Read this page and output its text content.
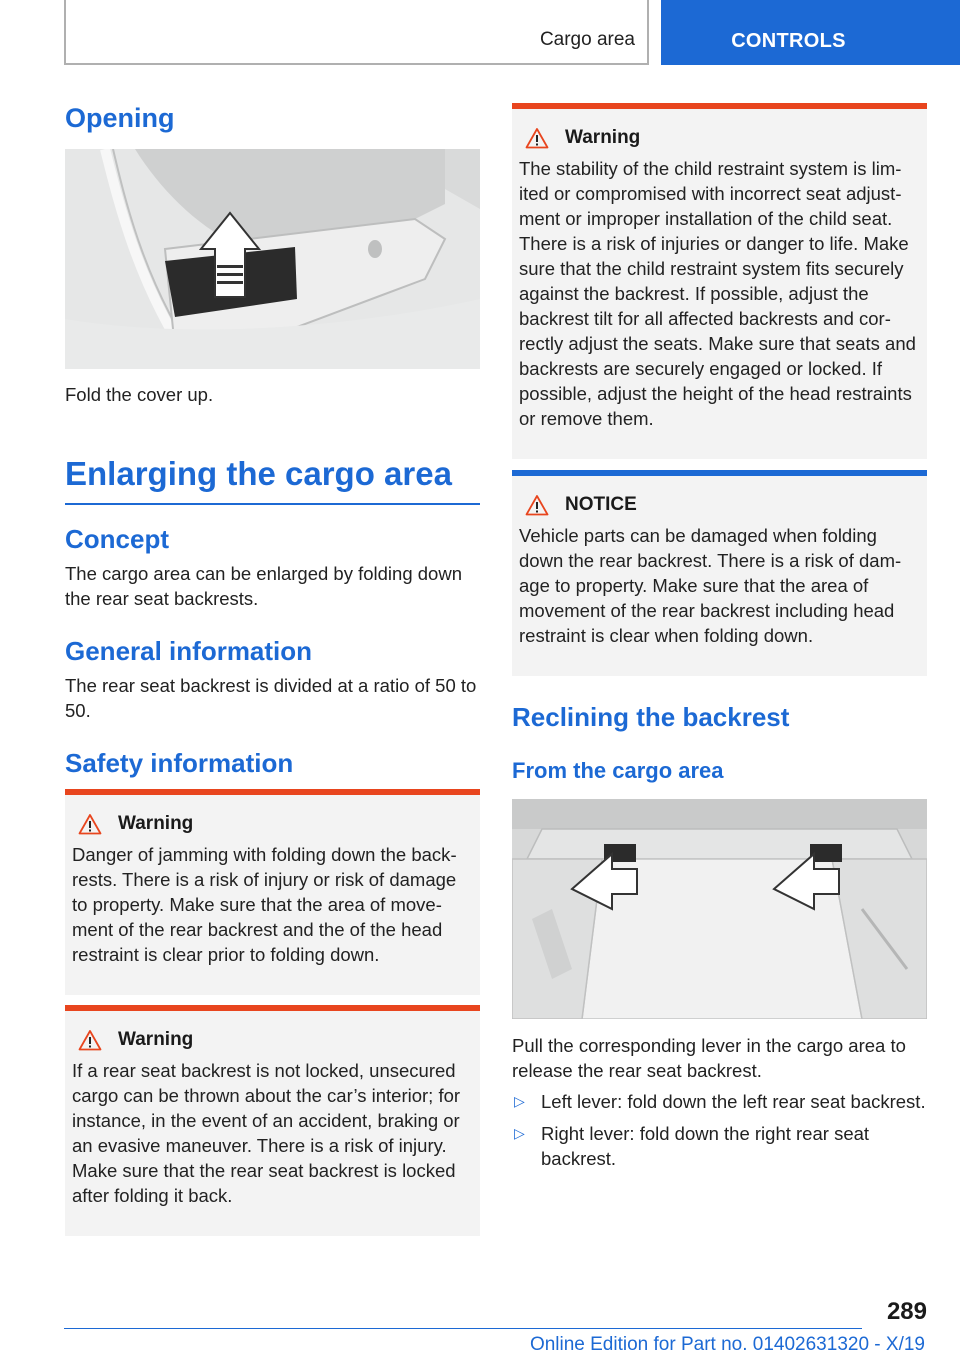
Cargo area	CONTROLS
Opening

Fold the cover up.

Enlarging the cargo area
Concept

The cargo area can be enlarged by folding down the rear seat backrests.

General information

The rear seat backrest is divided at a ratio of 50 to 50.

Safety information
Warning

Danger of jamming with folding down the backrests. There is a risk of injury or risk of damage to property. Make sure that the area of movement of the rear backrest and the of the head restraint is clear prior to folding down.

Warning

If a rear seat backrest is not locked, unsecured cargo can be thrown about the car’s interior; for instance, in the event of an accident, braking or an evasive maneuver. There is a risk of injury. Make sure that the rear seat backrest is locked after folding it back.

Warning

The stability of the child restraint system is limited or compromised with incorrect seat adjustment or improper installation of the child seat. There is a risk of injuries or danger to life. Make sure that the child restraint system fits securely against the backrest. If possible, adjust the backrest tilt for all affected backrests and correctly adjust the seats. Make sure that seats and backrests are securely engaged or locked. If possible, adjust the height of the head restraints or remove them.

NOTICE

Vehicle parts can be damaged when folding down the rear backrest. There is a risk of damage to property. Make sure that the area of movement of the rear backrest including head restraint is clear when folding down.

Reclining the backrest
From the cargo area

Pull the corresponding lever in the cargo area to release the rear seat backrest.

▷ Left lever: fold down the left rear seat backrest.
▷ Right lever: fold down the right rear seat backrest.
289
Online Edition for Part no. 01402631320 - X/19
